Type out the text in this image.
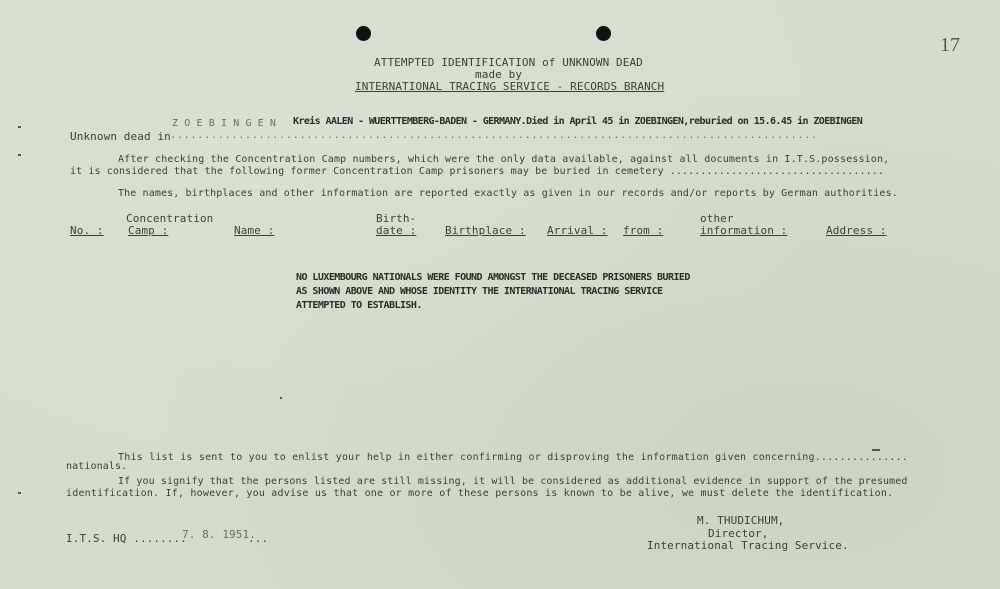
17
ATTEMPTED IDENTIFICATION of UNKNOWN DEAD
made by
INTERNATIONAL TRACING SERVICE - RECORDS BRANCH
Unknown dead in ...............................................................................................
Z O E B I N G E N Kreis AALEN - WUERTTEMBERG-BADEN - GERMANY.Died in April 45 in ZOEBINGEN,reburied on 15.6.45 in ZOEBINGEN
After checking the Concentration Camp numbers, which were the only data available, against all documents in I.T.S.possession,
it is considered that the following former Concentration Camp prisoners may be buried in cemetery ...................................
The names, birthplaces and other information are reported exactly as given in our records and/or reports by German authorities.
Concentration	Birth-	other
No. : Camp :	Name :	date :	Birthplace : Arrival : from :	information :	Address :
NO LUXEMBOURG NATIONALS WERE FOUND AMONGST THE DECEASED PRISONERS BURIED
AS SHOWN ABOVE AND WHOSE IDENTITY THE INTERNATIONAL TRACING SERVICE
ATTEMPTED TO ESTABLISH.
This list is sent to you to enlist your help in either confirming or disproving the information given concerning...............
nationals.
If you signify that the persons listed are still missing, it will be considered as additional evidence in support of the presumed
identification. If, however, you advise us that one or more of these persons is known to be alive, we must delete the identification.
I.T.S. HQ ........
7. 8. 1951.
...
M. THUDICHUM,
Director,
International Tracing Service.
